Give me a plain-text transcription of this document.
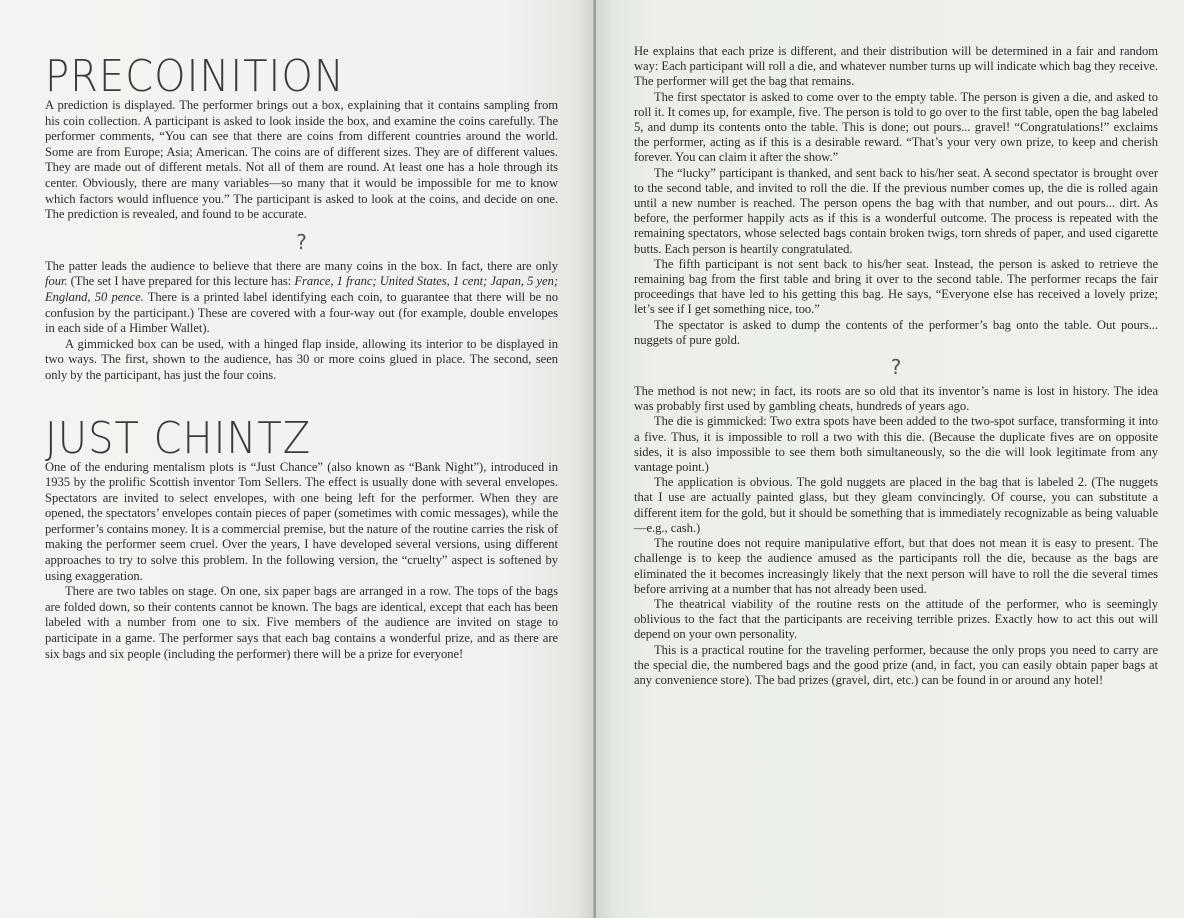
PRECOINITION

A prediction is displayed. The performer brings out a box, explaining that it contains sampling from his coin collection. A participant is asked to look inside the box, and examine the coins carefully. The performer comments, “You can see that there are coins from different countries around the world. Some are from Europe; Asia; American. The coins are of different sizes. They are of different values. They are made out of different metals. Not all of them are round. At least one has a hole through its center. Obviously, there are many variables—so many that it would be impossible for me to know which factors would influence you.” The participant is asked to look at the coins, and decide on one. The prediction is revealed, and found to be accurate.

?

The patter leads the audience to believe that there are many coins in the box. In fact, there are only four. (The set I have prepared for this lecture has: France, 1 franc; United States, 1 cent; Japan, 5 yen; England, 50 pence. There is a printed label identifying each coin, to guarantee that there will be no confusion by the participant.) These are covered with a four-way out (for example, double envelopes in each side of a Himber Wallet).

A gimmicked box can be used, with a hinged flap inside, allowing its interior to be displayed in two ways. The first, shown to the audience, has 30 or more coins glued in place. The second, seen only by the participant, has just the four coins.

JUST CHINTZ

One of the enduring mentalism plots is “Just Chance” (also known as “Bank Night”), introduced in 1935 by the prolific Scottish inventor Tom Sellers. The effect is usually done with several envelopes. Spectators are invited to select envelopes, with one being left for the performer. When they are opened, the spectators’ envelopes contain pieces of paper (sometimes with comic messages), while the performer’s contains money. It is a commercial premise, but the nature of the routine carries the risk of making the performer seem cruel. Over the years, I have developed several versions, using different approaches to try to solve this problem. In the following version, the “cruelty” aspect is softened by using exaggeration.

There are two tables on stage. On one, six paper bags are arranged in a row. The tops of the bags are folded down, so their contents cannot be known. The bags are identical, except that each has been labeled with a number from one to six. Five members of the audience are invited on stage to participate in a game. The performer says that each bag contains a wonderful prize, and as there are six bags and six people (including the performer) there will be a prize for everyone!

He explains that each prize is different, and their distribution will be determined in a fair and random way: Each participant will roll a die, and whatever number turns up will indicate which bag they receive. The performer will get the bag that remains.

The first spectator is asked to come over to the empty table. The person is given a die, and asked to roll it. It comes up, for example, five. The person is told to go over to the first table, open the bag labeled 5, and dump its contents onto the table. This is done; out pours... gravel! “Congratulations!” exclaims the performer, acting as if this is a desirable reward. “That’s your very own prize, to keep and cherish forever. You can claim it after the show.”

The “lucky” participant is thanked, and sent back to his/her seat. A second spectator is brought over to the second table, and invited to roll the die. If the previous number comes up, the die is rolled again until a new number is reached. The person opens the bag with that number, and out pours... dirt. As before, the performer happily acts as if this is a wonderful outcome. The process is repeated with the remaining spectators, whose selected bags contain broken twigs, torn shreds of paper, and used cigarette butts. Each person is heartily congratulated.

The fifth participant is not sent back to his/her seat. Instead, the person is asked to retrieve the remaining bag from the first table and bring it over to the second table. The performer recaps the fair proceedings that have led to his getting this bag. He says, “Everyone else has received a lovely prize; let’s see if I get something nice, too.”

The spectator is asked to dump the contents of the performer’s bag onto the table. Out pours... nuggets of pure gold.

?

The method is not new; in fact, its roots are so old that its inventor’s name is lost in history. The idea was probably first used by gambling cheats, hundreds of years ago.

The die is gimmicked: Two extra spots have been added to the two-spot surface, transforming it into a five. Thus, it is impossible to roll a two with this die. (Because the duplicate fives are on opposite sides, it is also impossible to see them both simultaneously, so the die will look legitimate from any vantage point.)

The application is obvious. The gold nuggets are placed in the bag that is labeled 2. (The nuggets that I use are actually painted glass, but they gleam convincingly. Of course, you can substitute a different item for the gold, but it should be something that is immediately recognizable as being valuable—e.g., cash.)

The routine does not require manipulative effort, but that does not mean it is easy to present. The challenge is to keep the audience amused as the participants roll the die, because as the bags are eliminated the it becomes increasingly likely that the next person will have to roll the die several times before arriving at a number that has not already been used.

The theatrical viability of the routine rests on the attitude of the performer, who is seemingly oblivious to the fact that the participants are receiving terrible prizes. Exactly how to act this out will depend on your own personality.

This is a practical routine for the traveling performer, because the only props you need to carry are the special die, the numbered bags and the good prize (and, in fact, you can easily obtain paper bags at any convenience store). The bad prizes (gravel, dirt, etc.) can be found in or around any hotel!
